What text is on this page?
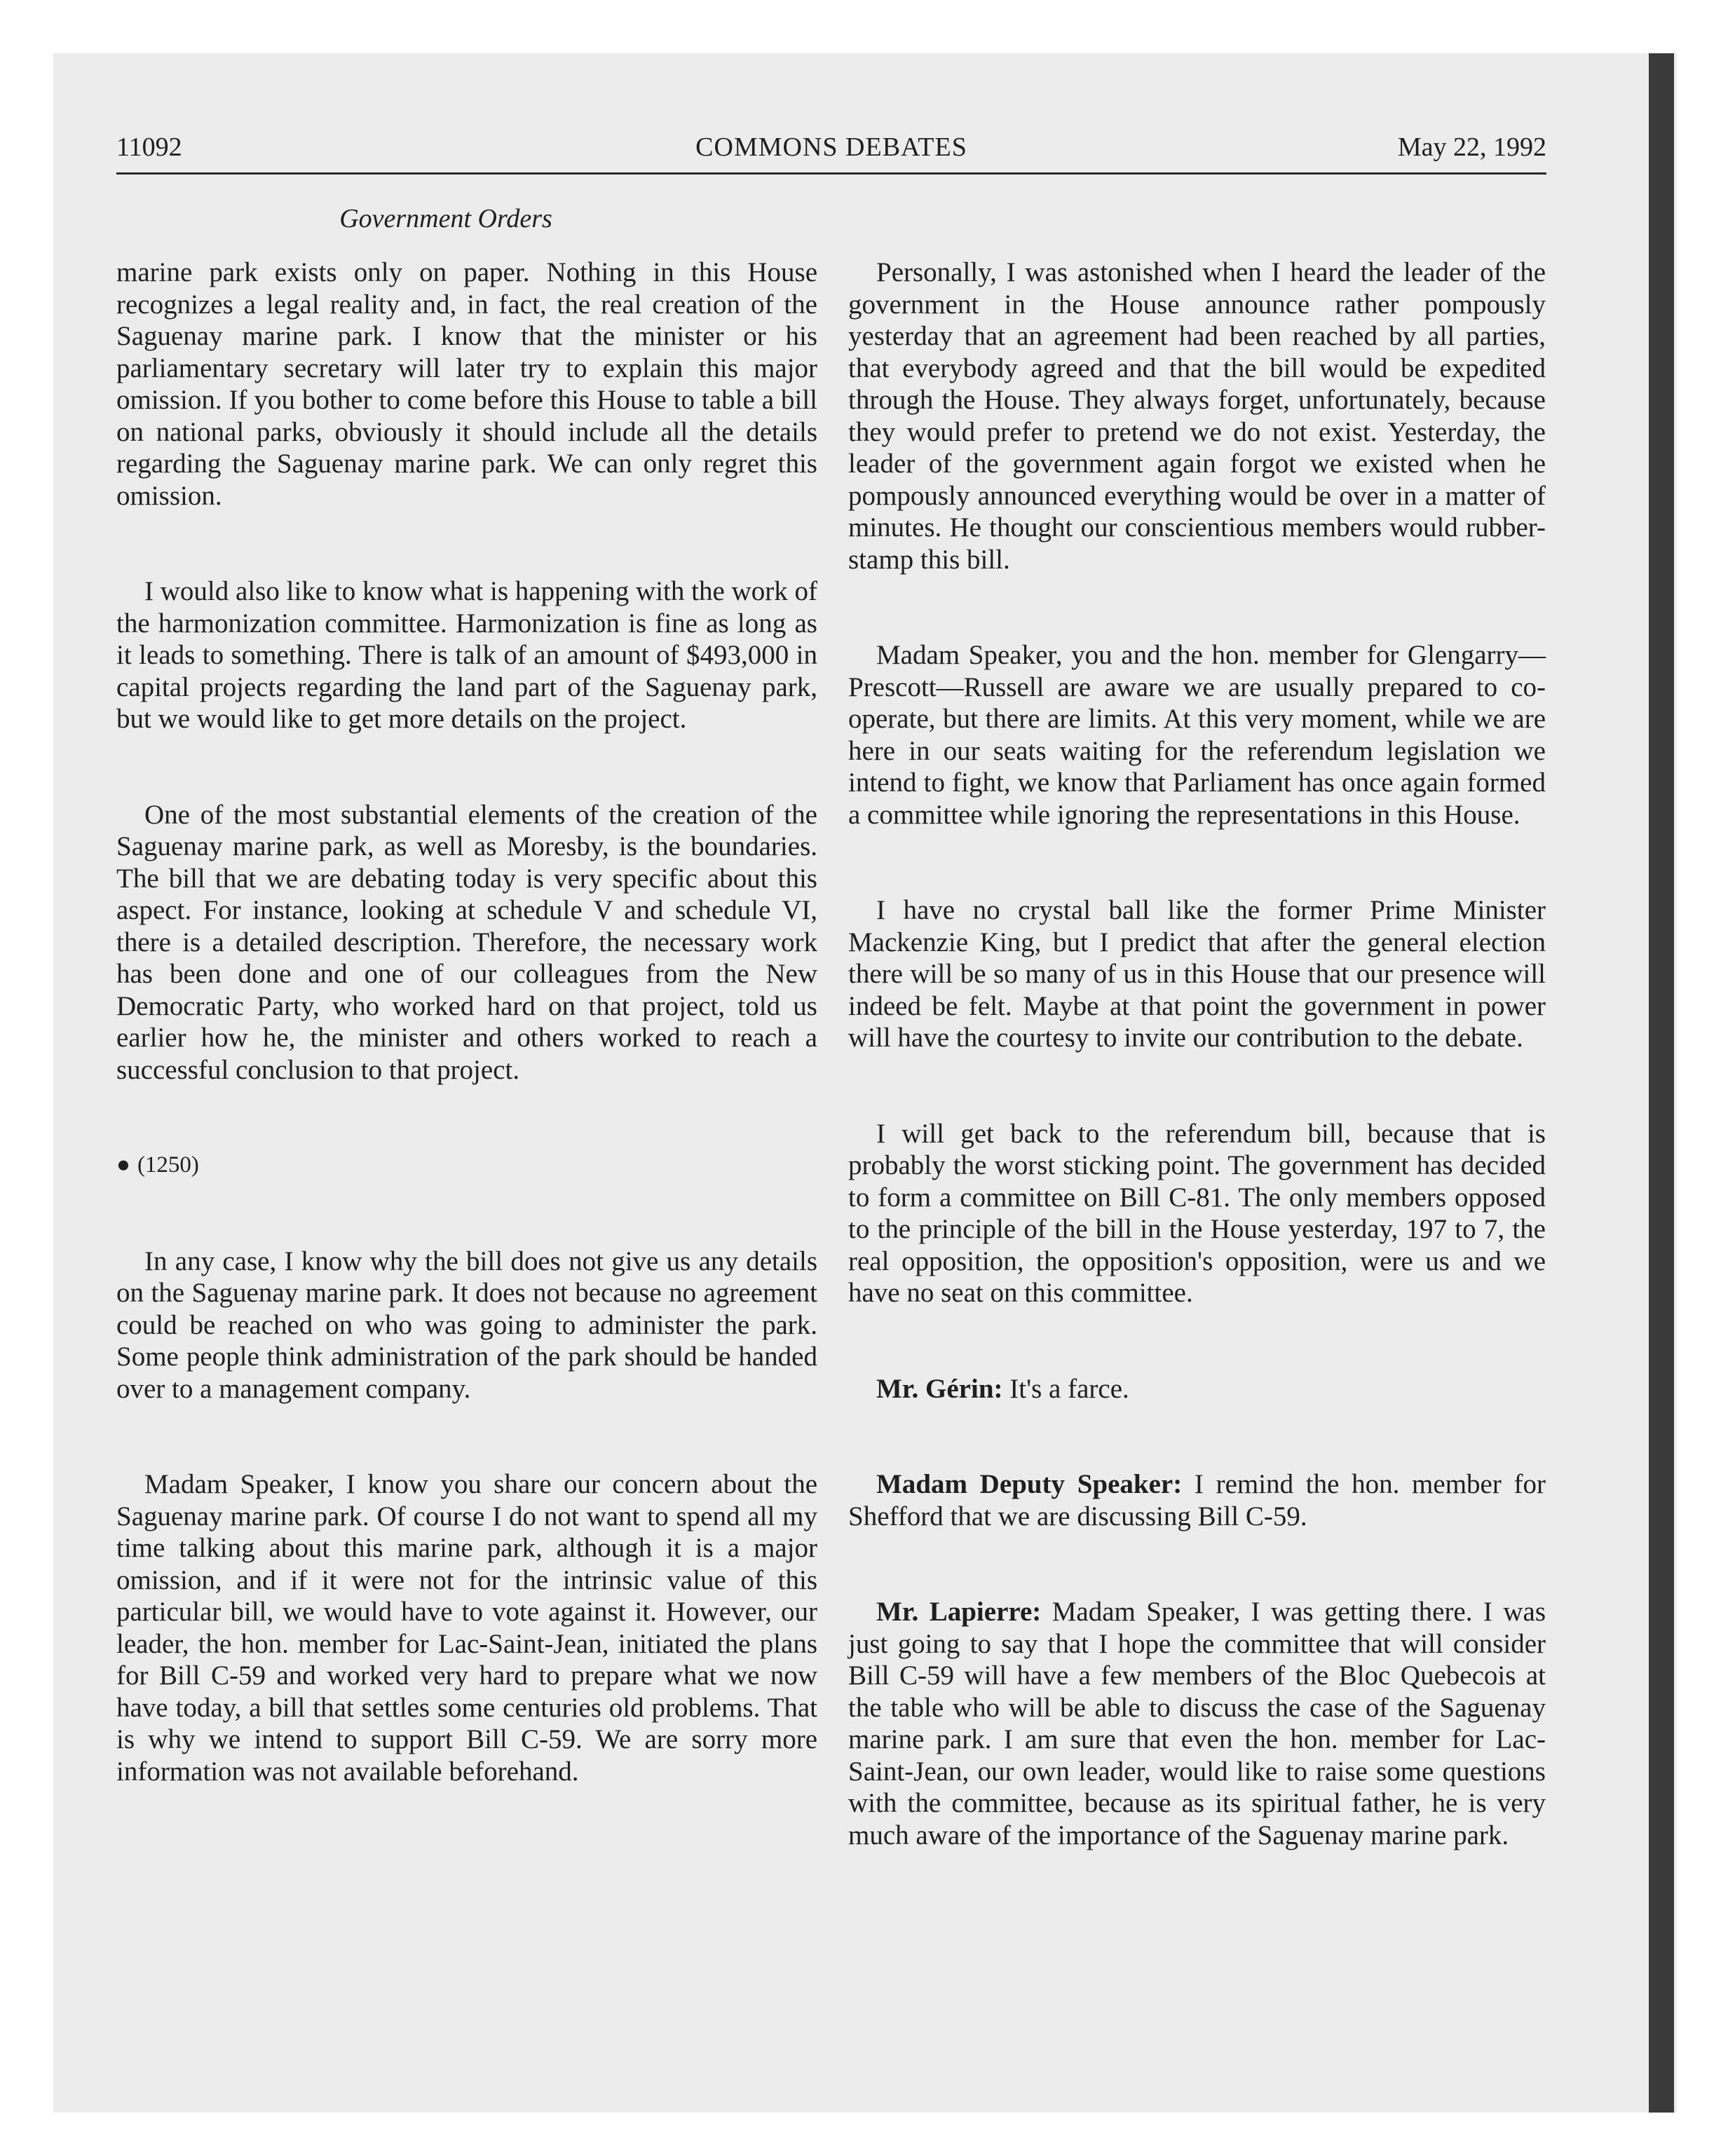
11092	COMMONS DEBATES	May 22, 1992
Government Orders

marine park exists only on paper. Nothing in this House recognizes a legal reality and, in fact, the real creation of the Saguenay marine park. I know that the minister or his parliamentary secretary will later try to explain this major omission. If you bother to come before this House to table a bill on national parks, obviously it should include all the details regarding the Saguenay marine park. We can only regret this omission.

I would also like to know what is happening with the work of the harmonization committee. Harmonization is fine as long as it leads to something. There is talk of an amount of $493,000 in capital projects regarding the land part of the Saguenay park, but we would like to get more details on the project.

One of the most substantial elements of the creation of the Saguenay marine park, as well as Moresby, is the boundaries. The bill that we are debating today is very specific about this aspect. For instance, looking at schedule V and schedule VI, there is a detailed description. Therefore, the necessary work has been done and one of our colleagues from the New Democratic Party, who worked hard on that project, told us earlier how he, the minister and others worked to reach a successful conclusion to that project.

● (1250)

In any case, I know why the bill does not give us any details on the Saguenay marine park. It does not because no agreement could be reached on who was going to administer the park. Some people think administration of the park should be handed over to a management company.

Madam Speaker, I know you share our concern about the Saguenay marine park. Of course I do not want to spend all my time talking about this marine park, although it is a major omission, and if it were not for the intrinsic value of this particular bill, we would have to vote against it. However, our leader, the hon. member for Lac-Saint-Jean, initiated the plans for Bill C-59 and worked very hard to prepare what we now have today, a bill that settles some centuries old problems. That is why we intend to support Bill C-59. We are sorry more information was not available beforehand.

Personally, I was astonished when I heard the leader of the government in the House announce rather pompously yesterday that an agreement had been reached by all parties, that everybody agreed and that the bill would be expedited through the House. They always forget, unfortunately, because they would prefer to pretend we do not exist. Yesterday, the leader of the government again forgot we existed when he pompously announced everything would be over in a matter of minutes. He thought our conscientious members would rubber-stamp this bill.

Madam Speaker, you and the hon. member for Glengarry—Prescott—Russell are aware we are usually prepared to co-operate, but there are limits. At this very moment, while we are here in our seats waiting for the referendum legislation we intend to fight, we know that Parliament has once again formed a committee while ignoring the representations in this House.

I have no crystal ball like the former Prime Minister Mackenzie King, but I predict that after the general election there will be so many of us in this House that our presence will indeed be felt. Maybe at that point the government in power will have the courtesy to invite our contribution to the debate.

I will get back to the referendum bill, because that is probably the worst sticking point. The government has decided to form a committee on Bill C-81. The only members opposed to the principle of the bill in the House yesterday, 197 to 7, the real opposition, the opposition's opposition, were us and we have no seat on this committee.

Mr. Gérin: It's a farce.

Madam Deputy Speaker: I remind the hon. member for Shefford that we are discussing Bill C-59.

Mr. Lapierre: Madam Speaker, I was getting there. I was just going to say that I hope the committee that will consider Bill C-59 will have a few members of the Bloc Quebecois at the table who will be able to discuss the case of the Saguenay marine park. I am sure that even the hon. member for Lac-Saint-Jean, our own leader, would like to raise some questions with the committee, because as its spiritual father, he is very much aware of the importance of the Saguenay marine park.
